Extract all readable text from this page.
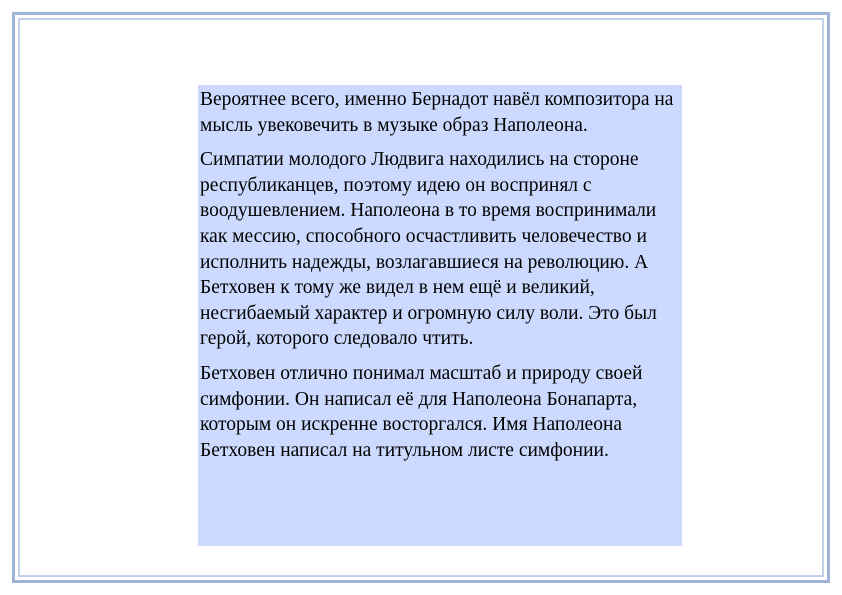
Вероятнее всего, именно Бернадот навёл композитора на мысль увековечить в музыке образ Наполеона.

Симпатии молодого Людвига находились на стороне республиканцев, поэтому идею он воспринял с воодушевлением. Наполеона в то время воспринимали как мессию, способного осчастливить человечество и исполнить надежды, возлагавшиеся на революцию. А Бетховен к тому же видел в нем ещё и великий, несгибаемый характер и огромную силу воли. Это был герой, которого следовало чтить.

Бетховен отлично понимал масштаб и природу своей симфонии. Он написал её для Наполеона Бонапарта, которым он искренне восторгался. Имя Наполеона Бетховен написал на титульном листе симфонии.
